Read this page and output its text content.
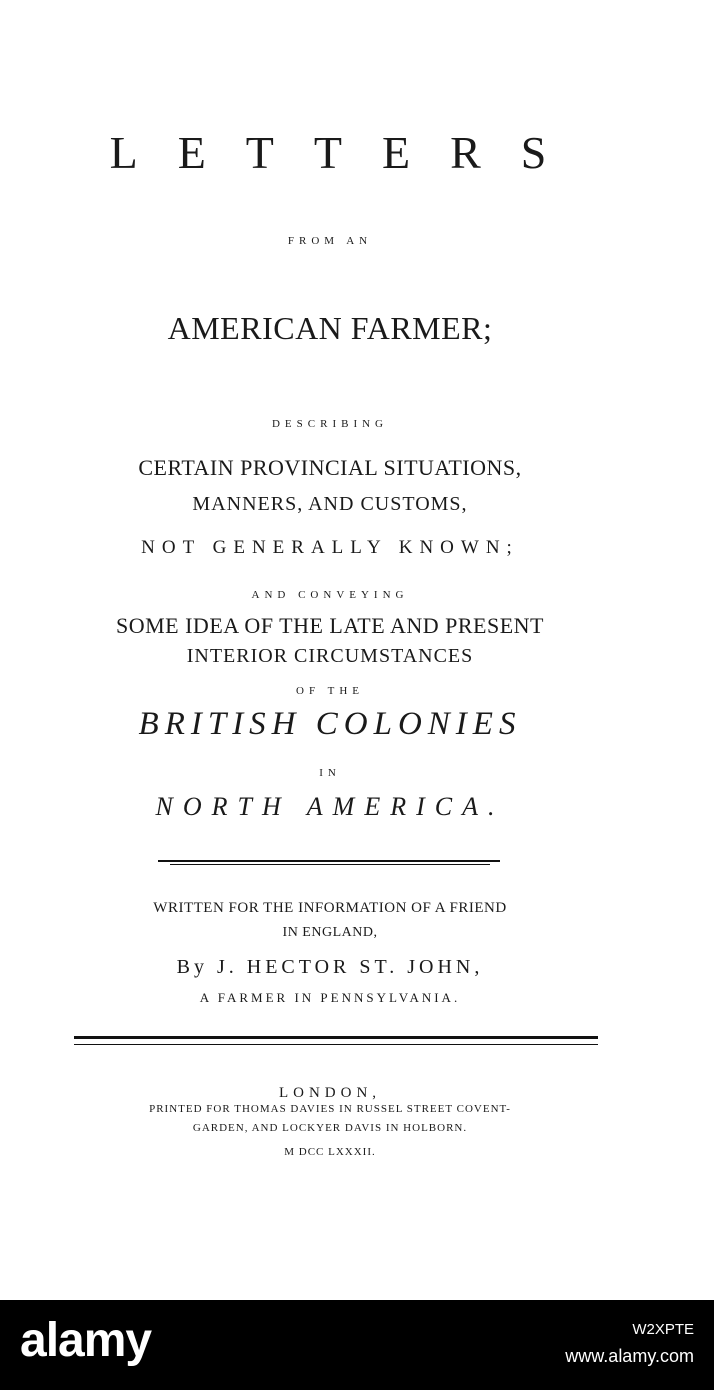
LETTERS
FROM AN
AMERICAN FARMER;
DESCRIBING
CERTAIN PROVINCIAL SITUATIONS,
MANNERS, AND CUSTOMS,
NOT GENERALLY KNOWN;
AND CONVEYING
SOME IDEA OF THE LATE AND PRESENT
INTERIOR CIRCUMSTANCES
OF THE
BRITISH COLONIES
IN
NORTH AMERICA.
WRITTEN FOR THE INFORMATION OF A FRIEND
IN ENGLAND,
By J. HECTOR ST. JOHN,
A FARMER IN PENNSYLVANIA.
LONDON,
PRINTED FOR THOMAS DAVIES IN RUSSEL STREET COVENT-
GARDEN, AND LOCKYER DAVIS IN HOLBORN.
M DCC LXXXII.
alamy	W2XPTE
www.alamy.com
